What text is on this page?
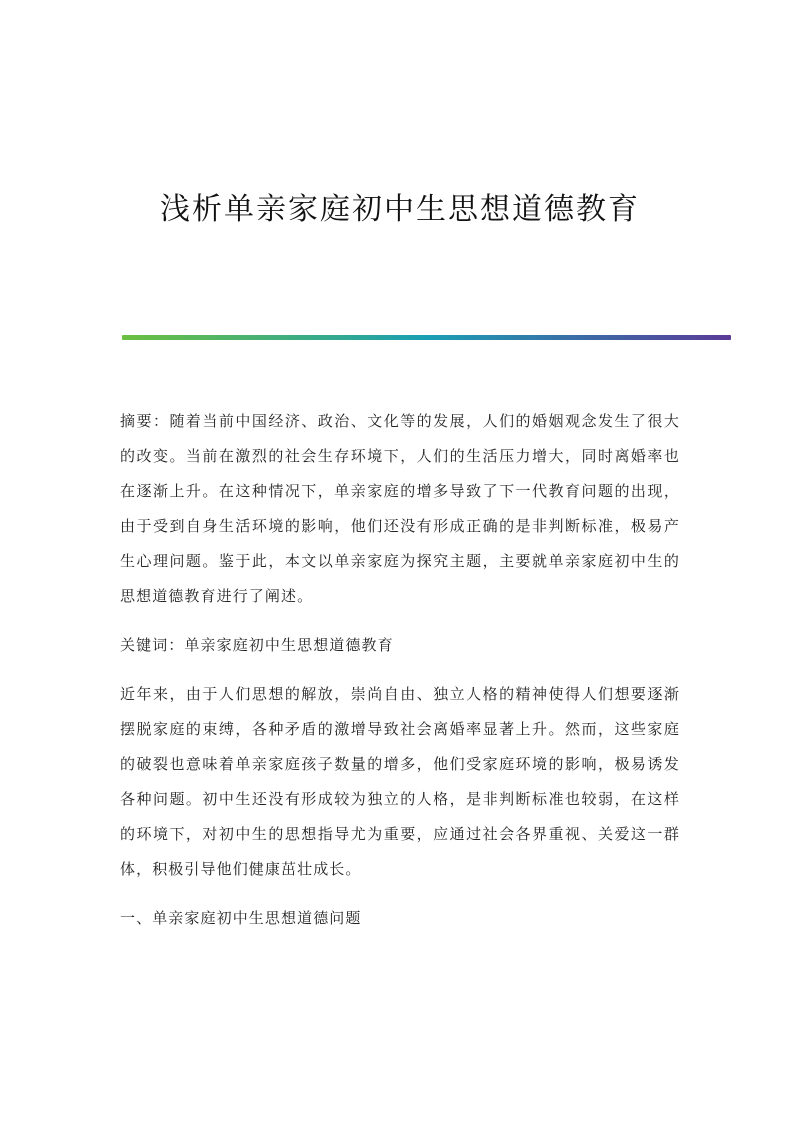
浅析单亲家庭初中生思想道德教育

摘要：随着当前中国经济、政治、文化等的发展，人们的婚姻观念发生了很大的改变。当前在激烈的社会生存环境下，人们的生活压力增大，同时离婚率也在逐渐上升。在这种情况下，单亲家庭的增多导致了下一代教育问题的出现，由于受到自身生活环境的影响，他们还没有形成正确的是非判断标准，极易产生心理问题。鉴于此，本文以单亲家庭为探究主题，主要就单亲家庭初中生的思想道德教育进行了阐述。

关键词：单亲家庭初中生思想道德教育

近年来，由于人们思想的解放，崇尚自由、独立人格的精神使得人们想要逐渐摆脱家庭的束缚，各种矛盾的激增导致社会离婚率显著上升。然而，这些家庭的破裂也意味着单亲家庭孩子数量的增多，他们受家庭环境的影响，极易诱发各种问题。初中生还没有形成较为独立的人格，是非判断标准也较弱，在这样的环境下，对初中生的思想指导尤为重要，应通过社会各界重视、关爱这一群体，积极引导他们健康茁壮成长。

一、单亲家庭初中生思想道德问题
